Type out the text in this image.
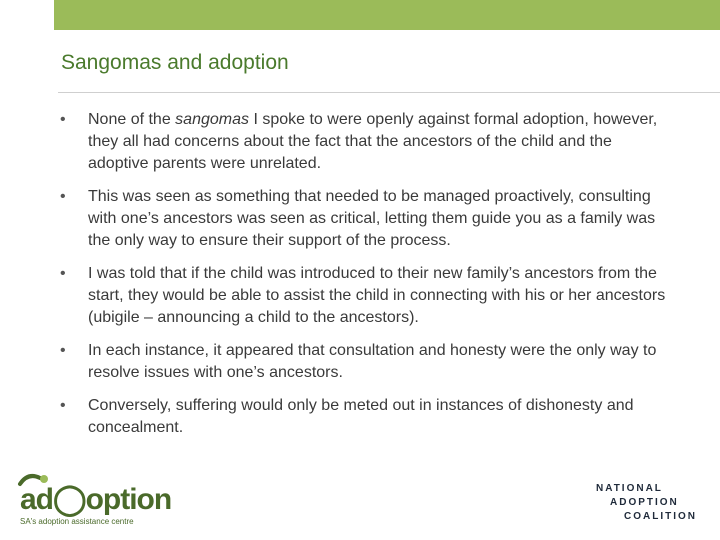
Sangomas and adoption
• None of the sangomas I spoke to were openly against formal adoption, however, they all had concerns about the fact that the ancestors of the child and the adoptive parents were unrelated.
• This was seen as something that needed to be managed proactively, consulting with one’s ancestors was seen as critical, letting them guide you as a family was the only way to ensure their support of the process.
• I was told that if the child was introduced to their new family’s ancestors from the start, they would be able to assist the child in connecting with his or her ancestors (ubigile – announcing a child to the ancestors).
• In each instance, it appeared that consultation and honesty were the only way to resolve issues with one’s ancestors.
• Conversely, suffering would only be meted out in instances of dishonesty and concealment.
ad◯option
SA's adoption assistance centre
NATIONAL
ADOPTION
COALITION
